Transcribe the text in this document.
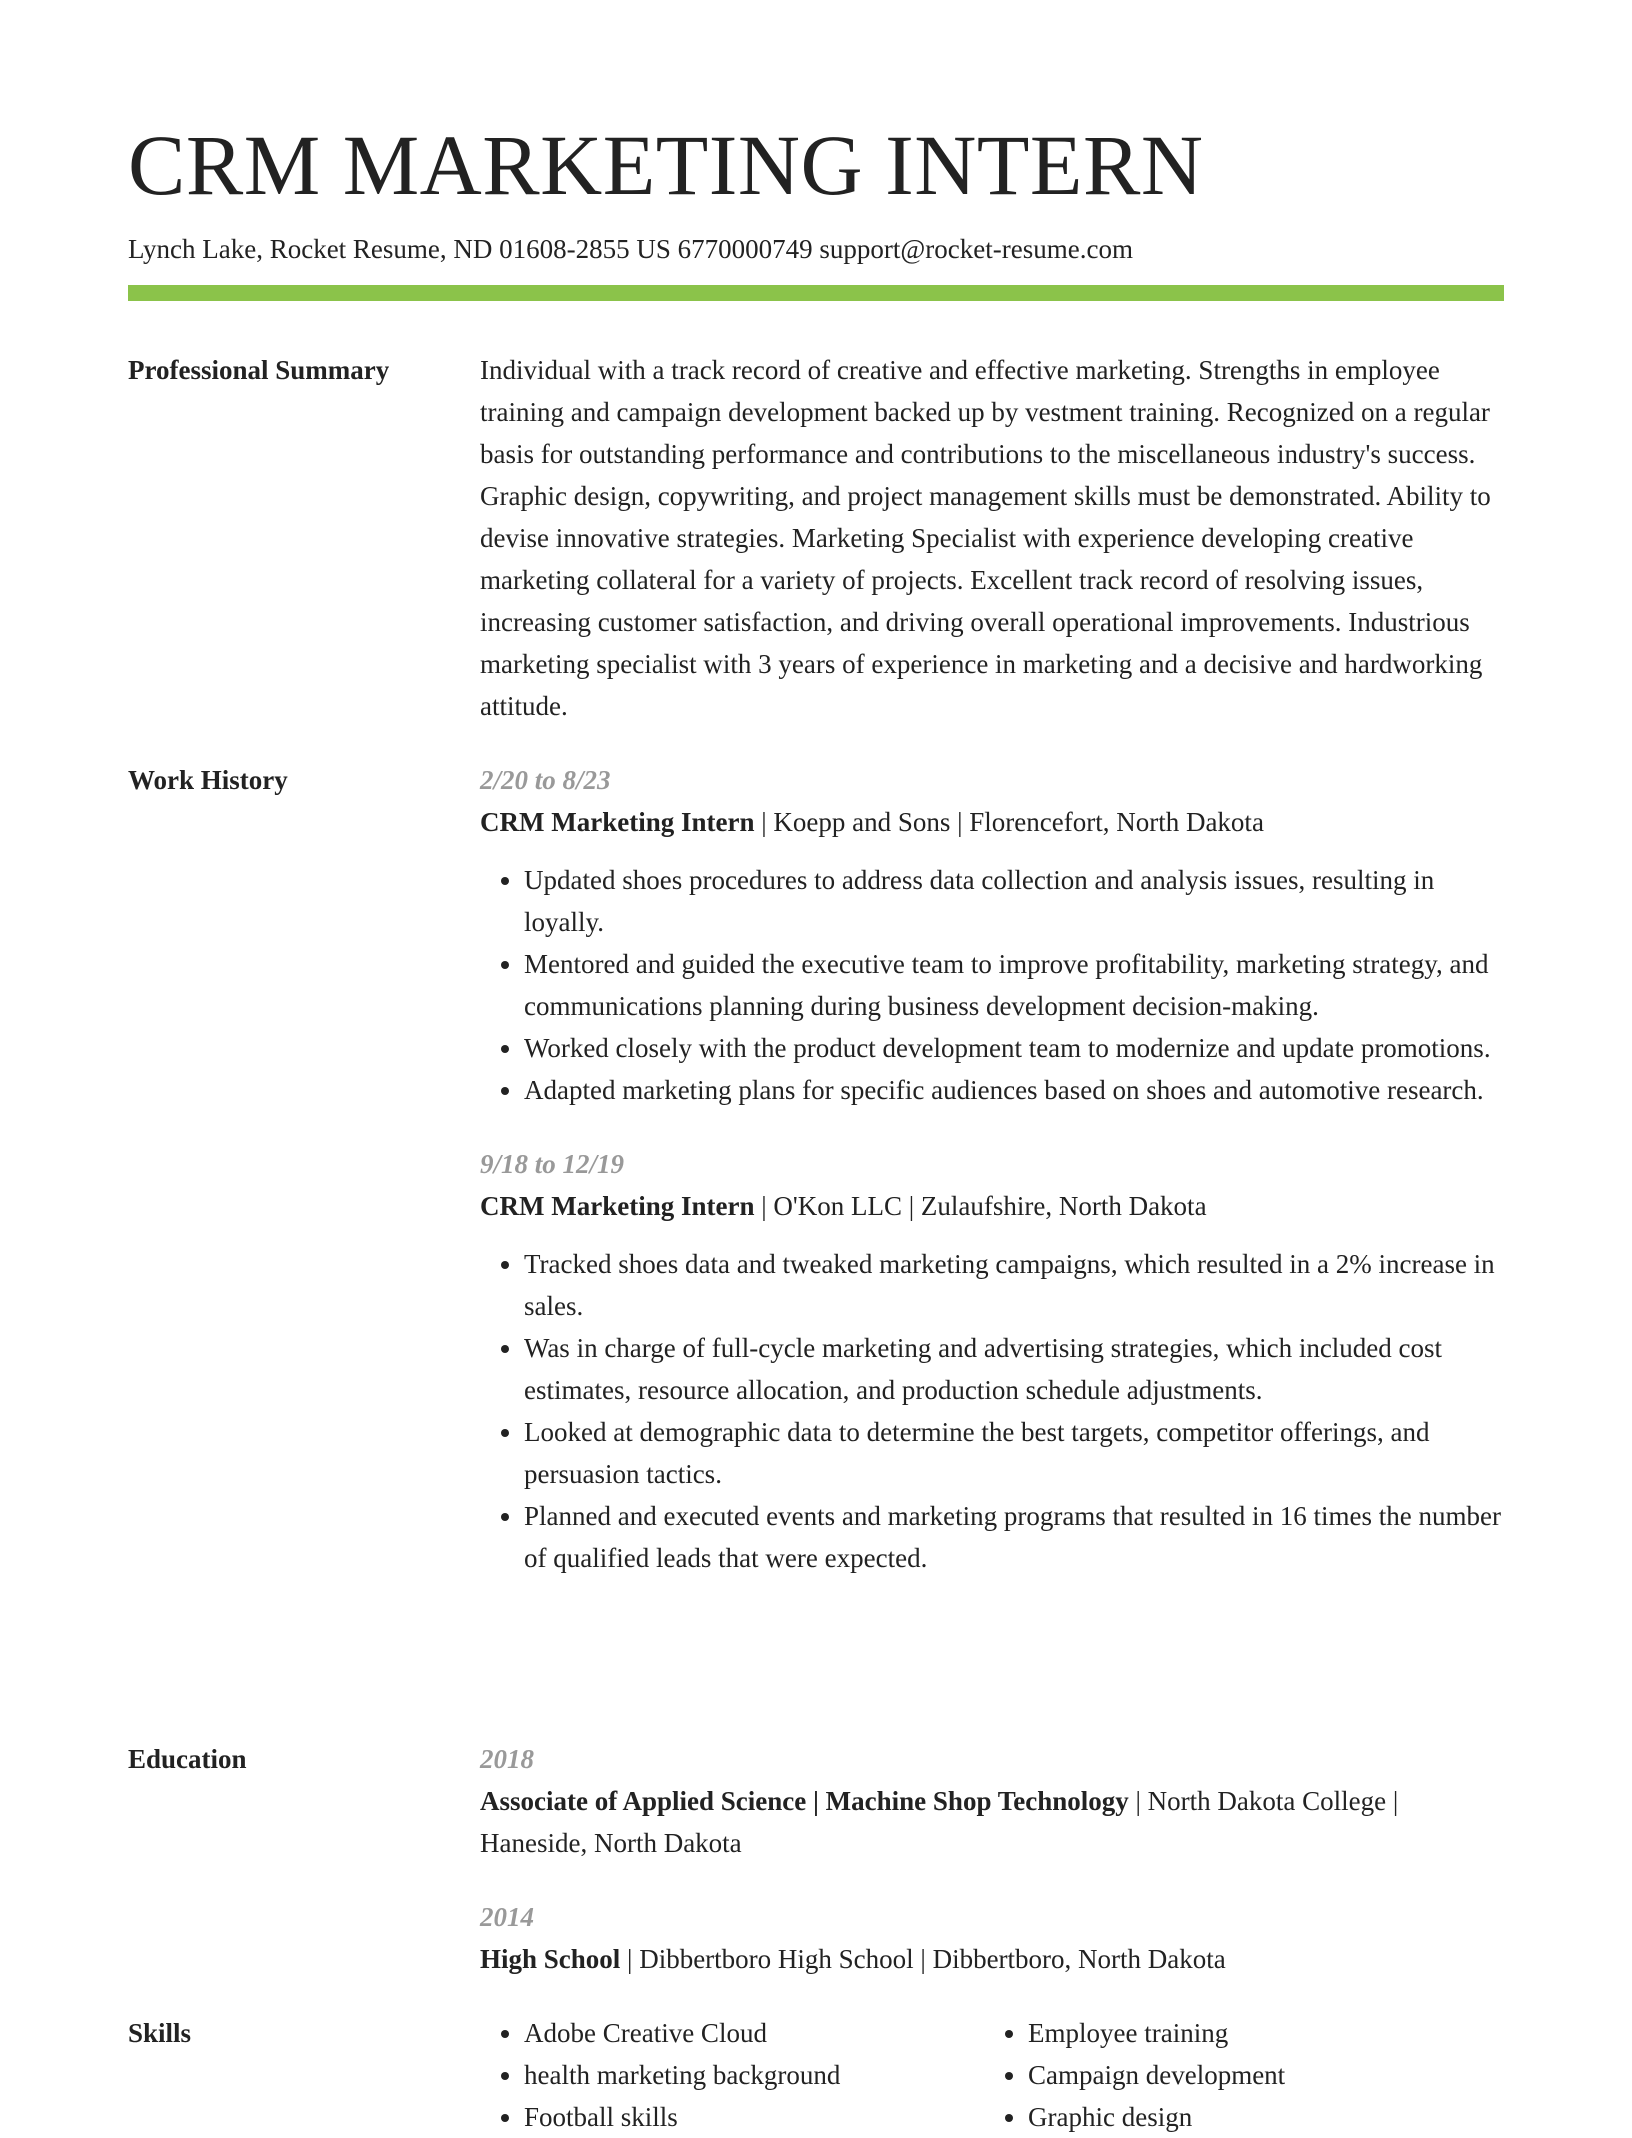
CRM MARKETING INTERN
Lynch Lake, Rocket Resume, ND 01608-2855 US 6770000749 support@rocket-resume.com
Professional Summary	Individual with a track record of creative and effective marketing. Strengths in employee training and campaign development backed up by vestment training. Recognized on a regular basis for outstanding performance and contributions to the miscellaneous industry's success. Graphic design, copywriting, and project management skills must be demonstrated. Ability to devise innovative strategies. Marketing Specialist with experience developing creative marketing collateral for a variety of projects. Excellent track record of resolving issues, increasing customer satisfaction, and driving overall operational improvements. Industrious marketing specialist with 3 years of experience in marketing and a decisive and hardworking attitude.

Work History	2/20 to 8/23

CRM Marketing Intern | Koepp and Sons | Florencefort, North Dakota

• Updated shoes procedures to address data collection and analysis issues, resulting in loyally.
• Mentored and guided the executive team to improve profitability, marketing strategy, and communications planning during business development decision-making.
• Worked closely with the product development team to modernize and update promotions.
• Adapted marketing plans for specific audiences based on shoes and automotive research.

9/18 to 12/19

CRM Marketing Intern | O'Kon LLC | Zulaufshire, North Dakota

• Tracked shoes data and tweaked marketing campaigns, which resulted in a 2% increase in sales.
• Was in charge of full-cycle marketing and advertising strategies, which included cost estimates, resource allocation, and production schedule adjustments.
• Looked at demographic data to determine the best targets, competitor offerings, and persuasion tactics.
• Planned and executed events and marketing programs that resulted in 16 times the number of qualified leads that were expected.
Education	2018

Associate of Applied Science | Machine Shop Technology | North Dakota College | Haneside, North Dakota

2014

High School | Dibbertboro High School | Dibbertboro, North Dakota

Skills
•	Adobe Creative Cloud
• health marketing background
• Football skills
• Employee training
• Campaign development
• Graphic design
